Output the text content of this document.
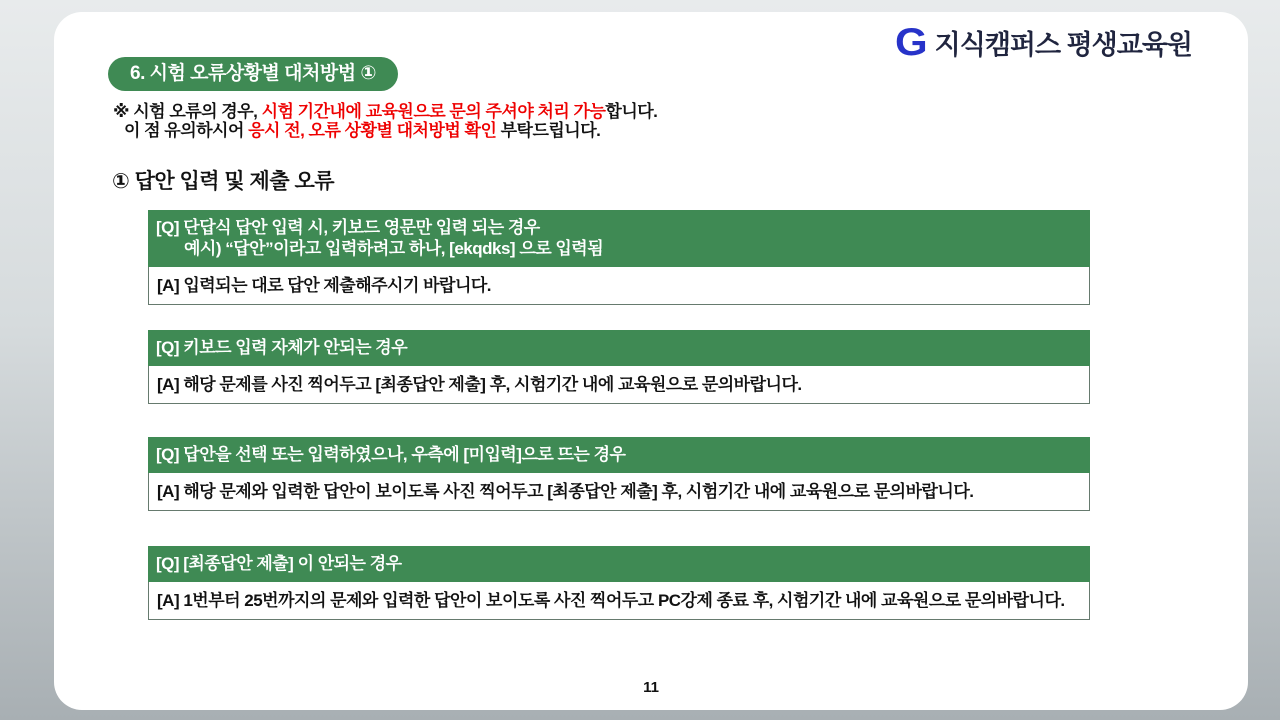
G 지식캠퍼스 평생교육원
6. 시험 오류상황별 대처방법 ①
※ 시험 오류의 경우, 시험 기간내에 교육원으로 문의 주셔야 처리 가능합니다.
이 점 유의하시어 응시 전, 오류 상황별 대처방법 확인 부탁드립니다.
① 답안 입력 및 제출 오류
[Q] 단답식 답안 입력 시, 키보드 영문만 입력 되는 경우
예시) “답안”이라고 입력하려고 하나, [ekqdks] 으로 입력됨
[A] 입력되는 대로 답안 제출해주시기 바랍니다.
[Q] 키보드 입력 자체가 안되는 경우
[A] 해당 문제를 사진 찍어두고 [최종답안 제출] 후, 시험기간 내에 교육원으로 문의바랍니다.
[Q] 답안을 선택 또는 입력하였으나, 우측에 [미입력]으로 뜨는 경우
[A] 해당 문제와 입력한 답안이 보이도록 사진 찍어두고 [최종답안 제출] 후, 시험기간 내에 교육원으로 문의바랍니다.
[Q] [최종답안 제출] 이 안되는 경우
[A] 1번부터 25번까지의 문제와 입력한 답안이 보이도록 사진 찍어두고 PC강제 종료 후, 시험기간 내에 교육원으로 문의바랍니다.
11
